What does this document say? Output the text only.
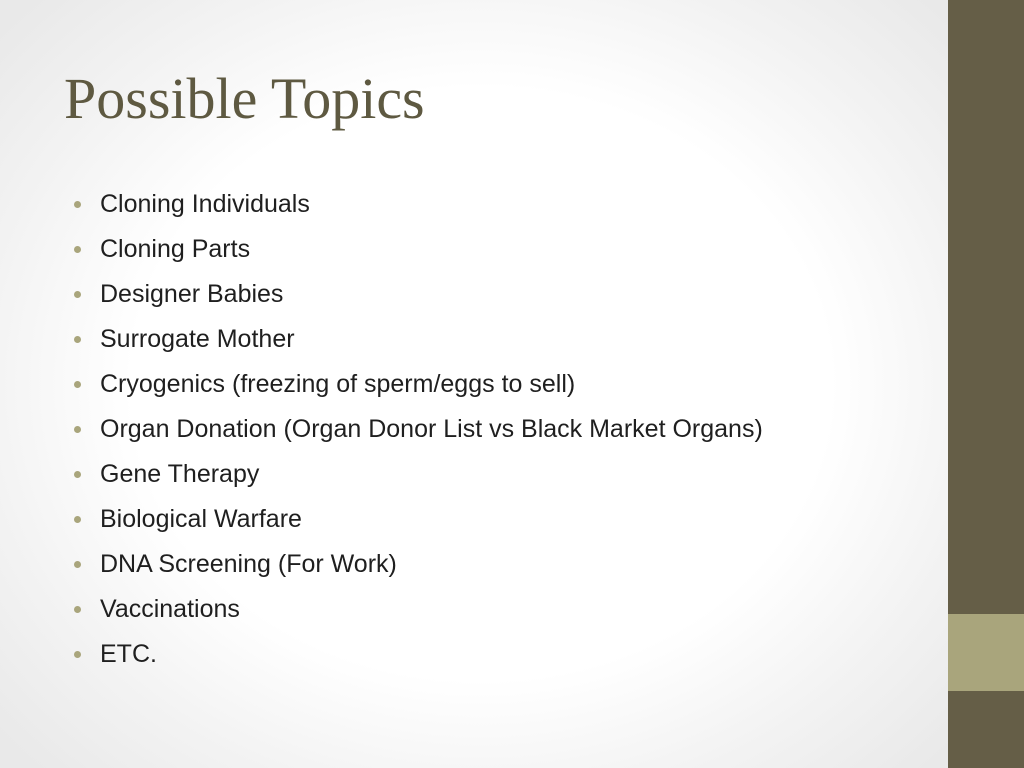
Possible Topics
Cloning Individuals
Cloning Parts
Designer Babies
Surrogate Mother
Cryogenics (freezing of sperm/eggs to sell)
Organ Donation (Organ Donor List vs Black Market Organs)
Gene Therapy
Biological Warfare
DNA Screening (For Work)
Vaccinations
ETC.
